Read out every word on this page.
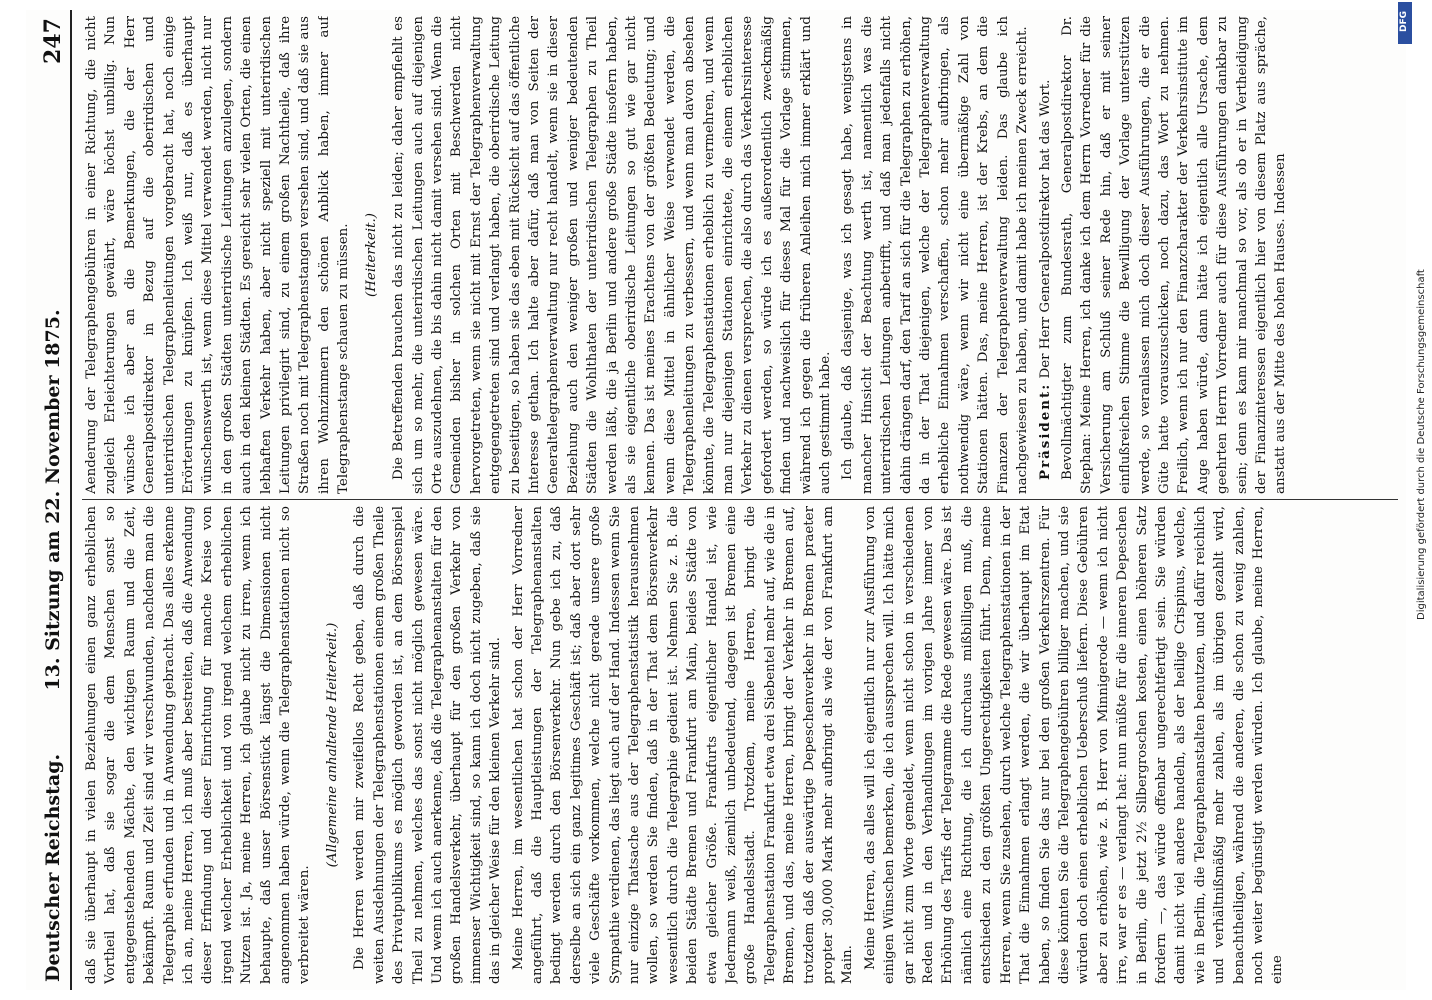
Deutscher Reichstag.
13. Sitzung am 22. November 1875.
247

daß sie überhaupt in vielen Beziehungen einen ganz erheblichen Vortheil hat, daß sie sogar die dem Menschen sonst so entgegenstehenden Mächte, den wichtigen Raum und die Zeit, bekämpft. Raum und Zeit sind wir verschwunden, nachdem man die Telegraphie erfunden und in Anwendung gebracht. Das alles erkenne ich an, meine Herren, ich muß aber bestreiten, daß die Anwendung dieser Erfindung und dieser Einrichtung für manche Kreise von irgend welcher Erheblichkeit und von irgend welchem erheblichen Nutzen ist. Ja, meine Herren, ich glaube nicht zu irren, wenn ich behaupte, daß unser Börsenstück längst die Dimensionen nicht angenommen haben würde, wenn die Telegraphenstationen nicht so verbreitet wären.

(Allgemeine anhaltende Heiterkeit.) Die Herren werden mir zweifellos Recht geben, daß durch die weiten Ausdehnungen der Telegraphenstationen einem großen Theile des Privatpublikums es möglich geworden ist, an dem Börsenspiel Theil zu nehmen, welches das sonst nicht möglich gewesen wäre. Und wenn ich auch anerkenne, daß die Telegraphenanstalten für den großen Handelsverkehr, überhaupt für den großen Verkehr von immenser Wichtigkeit sind, so kann ich doch nicht zugeben, daß sie das in gleicher Weise für den kleinen Verkehr sind. Meine Herren, im wesentlichen hat schon der Herr Vorredner angeführt, daß die Hauptleistungen der Telegraphenanstalten bedingt werden durch den Börsenverkehr. Nun gebe ich zu, daß derselbe an sich ein ganz legitimes Geschäft ist; daß aber dort sehr viele Geschäfte vorkommen, welche nicht gerade unsere große Sympathie verdienen, das liegt auch auf der Hand. Indessen wenn Sie nur einzige Thatsache aus der Telegraphenstatistik herausnehmen wollen, so werden Sie finden, daß in der That dem Börsenverkehr wesentlich durch die Telegraphie gedient ist. Nehmen Sie z. B. die beiden Städte Bremen und Frankfurt am Main, beides Städte von etwa gleicher Größe. Frankfurts eigentlicher Handel ist, wie Jedermann weiß, ziemlich unbedeutend, dagegen ist Bremen eine große Handelsstadt. Trotzdem, meine Herren, bringt die Telegraphenstation Frankfurt etwa drei Siebentel mehr auf, wie die in Bremen, und das, meine Herren, bringt der Verkehr in Bremen auf, trotzdem daß der auswärtige Depeschenverkehr in Bremen praeter propter 30,000 Mark mehr aufbringt als wie der von Frankfurt am Main. Meine Herren, das alles will ich eigentlich nur zur Ausführung von einigen Wünschen bemerken, die ich aussprechen will. Ich hätte mich gar nicht zum Worte gemeldet, wenn nicht schon in verschiedenen Reden und in den Verhandlungen im vorigen Jahre immer von Erhöhung des Tarifs der Telegramme die Rede gewesen wäre. Das ist nämlich eine Richtung, die ich durchaus mißbilligen muß, die entschieden zu den größten Ungerechtigkeiten führt. Denn, meine Herren, wenn Sie zusehen, durch welche Telegraphenstationen in der That die Einnahmen erlangt werden, die wir überhaupt im Etat haben, so finden Sie das nur bei den großen Verkehrszentren. Für diese könnten Sie die Telegraphengebühren billiger machen, und sie würden doch einen erheblichen Ueberschuß liefern. Diese Gebühren aber zu erhöhen, wie z. B. Herr von Minnigerode — wenn ich nicht irre, war er es — verlangt hat: nun müßte für die inneren Depeschen in Berlin, die jetzt 2½ Silbergroschen kosten, einen höheren Satz fordern —, das würde offenbar ungerechtfertigt sein. Sie würden damit nicht viel andere handeln, als der heilige Crispinus, welche, wie in Berlin, die Telegraphenanstalten benutzen, und dafür reichlich und verhältnißmäßig mehr zahlen, als im übrigen gezahlt wird, benachtheiligen, während die anderen, die schon zu wenig zahlen, noch weiter begünstigt werden würden. Ich glaube, meine Herren, eine

Aenderung der Telegraphengebühren in einer Richtung, die nicht zugleich Erleichterungen gewährt, wäre höchst unbillig. Nun wünsche ich aber an die Bemerkungen, die der Herr Generalpostdirektor in Bezug auf die oberirdischen und unterirdischen Telegraphenleitungen vorgebracht hat, noch einige Erörterungen zu knüpfen. Ich weiß nur, daß es überhaupt wünschenswerth ist, wenn diese Mittel verwendet werden, nicht nur in den großen Städten unterirdische Leitungen anzulegen, sondern auch in den kleinen Städten. Es gereicht sehr vielen Orten, die einen lebhaften Verkehr haben, aber nicht speziell mit unterirdischen Leitungen privilegirt sind, zu einem großen Nachtheile, daß ihre Straßen noch mit Telegraphenstangen versehen sind, und daß sie aus ihren Wohnzimmern den schönen Anblick haben, immer auf Telegraphenstange schauen zu müssen. (Heiterkeit.) Die Betreffenden brauchen das nicht zu leiden; daher empfiehlt es sich um so mehr, die unterirdischen Leitungen auch auf diejenigen Orte auszudehnen, die bis dahin nicht damit versehen sind. Wenn die Gemeinden bisher in solchen Orten mit Beschwerden nicht hervorgetreten, wenn sie nicht mit Ernst der Telegraphenverwaltung entgegengetreten sind und verlangt haben, die oberirdische Leitung zu beseitigen, so haben sie das eben mit Rücksicht auf das öffentliche Interesse gethan. Ich halte aber dafür, daß man von Seiten der Generaltelegraphenverwaltung nur recht handelt, wenn sie in dieser Beziehung auch den weniger großen und weniger bedeutenden Städten die Wohlthaten der unterirdischen Telegraphen zu Theil werden läßt, die ja Berlin und andere große Städte insofern haben, als sie eigentliche oberirdische Leitungen so gut wie gar nicht kennen. Das ist meines Erachtens von der größten Bedeutung; und wenn diese Mittel in ähnlicher Weise verwendet werden, die Telegraphenleitungen zu verbessern, und wenn man davon absehen könnte, die Telegraphenstationen erheblich zu vermehren, und wenn man nur diejenigen Stationen einrichtete, die einem erheblichen Verkehr zu dienen versprechen, die also durch das Verkehrsinteresse gefordert werden, so würde ich es außerordentlich zweckmäßig finden und nachweislich für dieses Mal für die Vorlage stimmen, während ich gegen die früheren Anleihen mich immer erklärt und auch gestimmt habe. Ich glaube, daß dasjenige, was ich gesagt habe, wenigstens in mancher Hinsicht der Beachtung werth ist, namentlich was die unterirdischen Leitungen anbetrifft, und daß man jedenfalls nicht dahin drängen darf, den Tarif an sich für die Telegraphen zu erhöhen, da in der That diejenigen, welche der Telegraphenverwaltung erhebliche Einnahmen verschaffen, schon mehr aufbringen, als nothwendig wäre, wenn wir nicht eine übermäßige Zahl von Stationen hätten. Das, meine Herren, ist der Krebs, an dem die Finanzen der Telegraphenverwaltung leiden. Das glaube ich nachgewiesen zu haben, und damit habe ich meinen Zweck erreicht. Präsident: Der Herr Generalpostdirektor hat das Wort. Bevollmächtigter zum Bundesrath, Generalpostdirektor Dr. Stephan: Meine Herren, ich danke ich dem Herrn Vorredner für die Versicherung am Schluß seiner Rede hin, daß er mit seiner einflußreichen Stimme die Bewilligung der Vorlage unterstützen werde, so veranlassen mich doch dieser Ausführungen, die er die Güte hatte vorauszuschicken, noch dazu, das Wort zu nehmen. Freilich, wenn ich nur den Finanzcharakter der Verkehrsinstitute im Auge haben würde, dann hätte ich eigentlich alle Ursache, dem geehrten Herrn Vorredner auch für diese Ausführungen dankbar zu sein; denn es kam mir manchmal so vor, als ob er in Vertheidigung der Finanzinteressen eigentlich hier von diesem Platz aus spräche, anstatt aus der Mitte des hohen Hauses. Indessen

DFG
Digitalisierung gefördert durch die Deutsche Forschungsgemeinschaft
